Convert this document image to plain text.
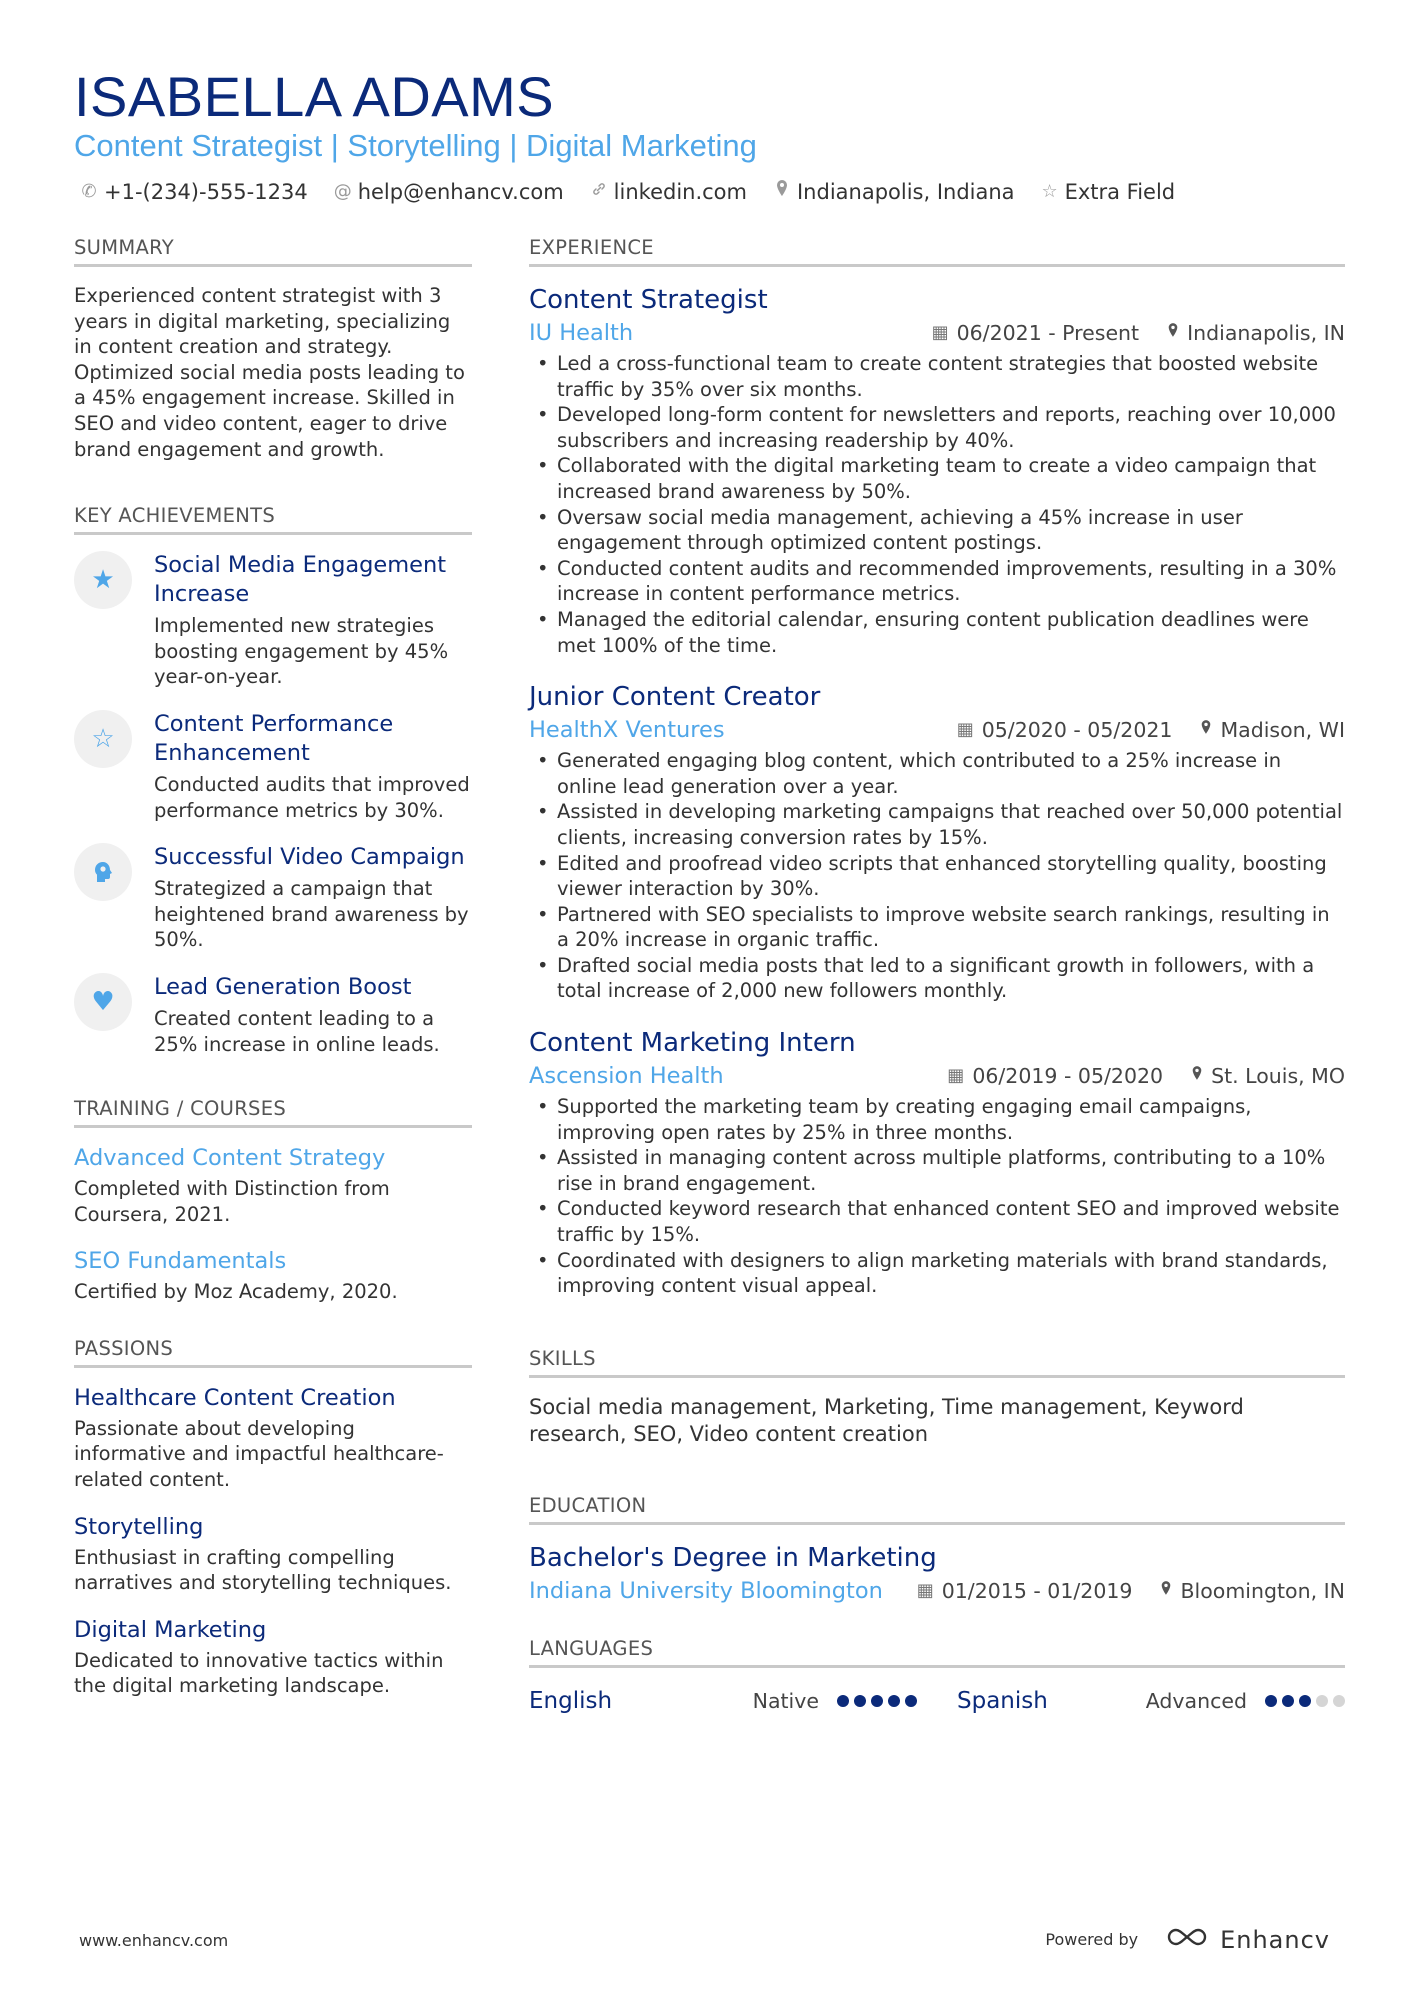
ISABELLA ADAMS
Content Strategist | Storytelling | Digital Marketing
✆ +1-(234)-555-1234 @ help@enhancv.com linkedin.com Indianapolis, Indiana ☆ Extra Field
SUMMARY
Experienced content strategist with 3 years in digital marketing, specializing in content creation and strategy. Optimized social media posts leading to a 45% engagement increase. Skilled in SEO and video content, eager to drive brand engagement and growth.
KEY ACHIEVEMENTS
★	Social Media Engagement Increase
Implemented new strategies boosting engagement by 45% year-on-year.
☆	Content Performance Enhancement
Conducted audits that improved performance metrics by 30%.
Successful Video Campaign
Strategized a campaign that heightened brand awareness by 50%.
♥	Lead Generation Boost
Created content leading to a 25% increase in online leads.
TRAINING / COURSES
Advanced Content Strategy
Completed with Distinction from Coursera, 2021.
SEO Fundamentals
Certified by Moz Academy, 2020.
PASSIONS
Healthcare Content Creation
Passionate about developing informative and impactful healthcare-related content.
Storytelling
Enthusiast in crafting compelling narratives and storytelling techniques.
Digital Marketing
Dedicated to innovative tactics within the digital marketing landscape.
EXPERIENCE
Content Strategist
IU Health	▦ 06/2021 - Present Indianapolis, IN
• Led a cross-functional team to create content strategies that boosted website traffic by 35% over six months.
• Developed long-form content for newsletters and reports, reaching over 10,000 subscribers and increasing readership by 40%.
• Collaborated with the digital marketing team to create a video campaign that increased brand awareness by 50%.
• Oversaw social media management, achieving a 45% increase in user engagement through optimized content postings.
• Conducted content audits and recommended improvements, resulting in a 30% increase in content performance metrics.
• Managed the editorial calendar, ensuring content publication deadlines were met 100% of the time.
Junior Content Creator
HealthX Ventures	▦ 05/2020 - 05/2021 Madison, WI
• Generated engaging blog content, which contributed to a 25% increase in online lead generation over a year.
• Assisted in developing marketing campaigns that reached over 50,000 potential clients, increasing conversion rates by 15%.
• Edited and proofread video scripts that enhanced storytelling quality, boosting viewer interaction by 30%.
• Partnered with SEO specialists to improve website search rankings, resulting in a 20% increase in organic traffic.
• Drafted social media posts that led to a significant growth in followers, with a total increase of 2,000 new followers monthly.
Content Marketing Intern
Ascension Health	▦ 06/2019 - 05/2020 St. Louis, MO
• Supported the marketing team by creating engaging email campaigns, improving open rates by 25% in three months.
• Assisted in managing content across multiple platforms, contributing to a 10% rise in brand engagement.
• Conducted keyword research that enhanced content SEO and improved website traffic by 15%.
• Coordinated with designers to align marketing materials with brand standards, improving content visual appeal.
SKILLS
Social media management, Marketing, Time management, Keyword research, SEO, Video content creation
EDUCATION
Bachelor's Degree in Marketing
Indiana University Bloomington ▦ 01/2015 - 01/2019 Bloomington, IN
LANGUAGES
English	Native	Spanish	Advanced
www.enhancv.com	Powered by	Enhancv
